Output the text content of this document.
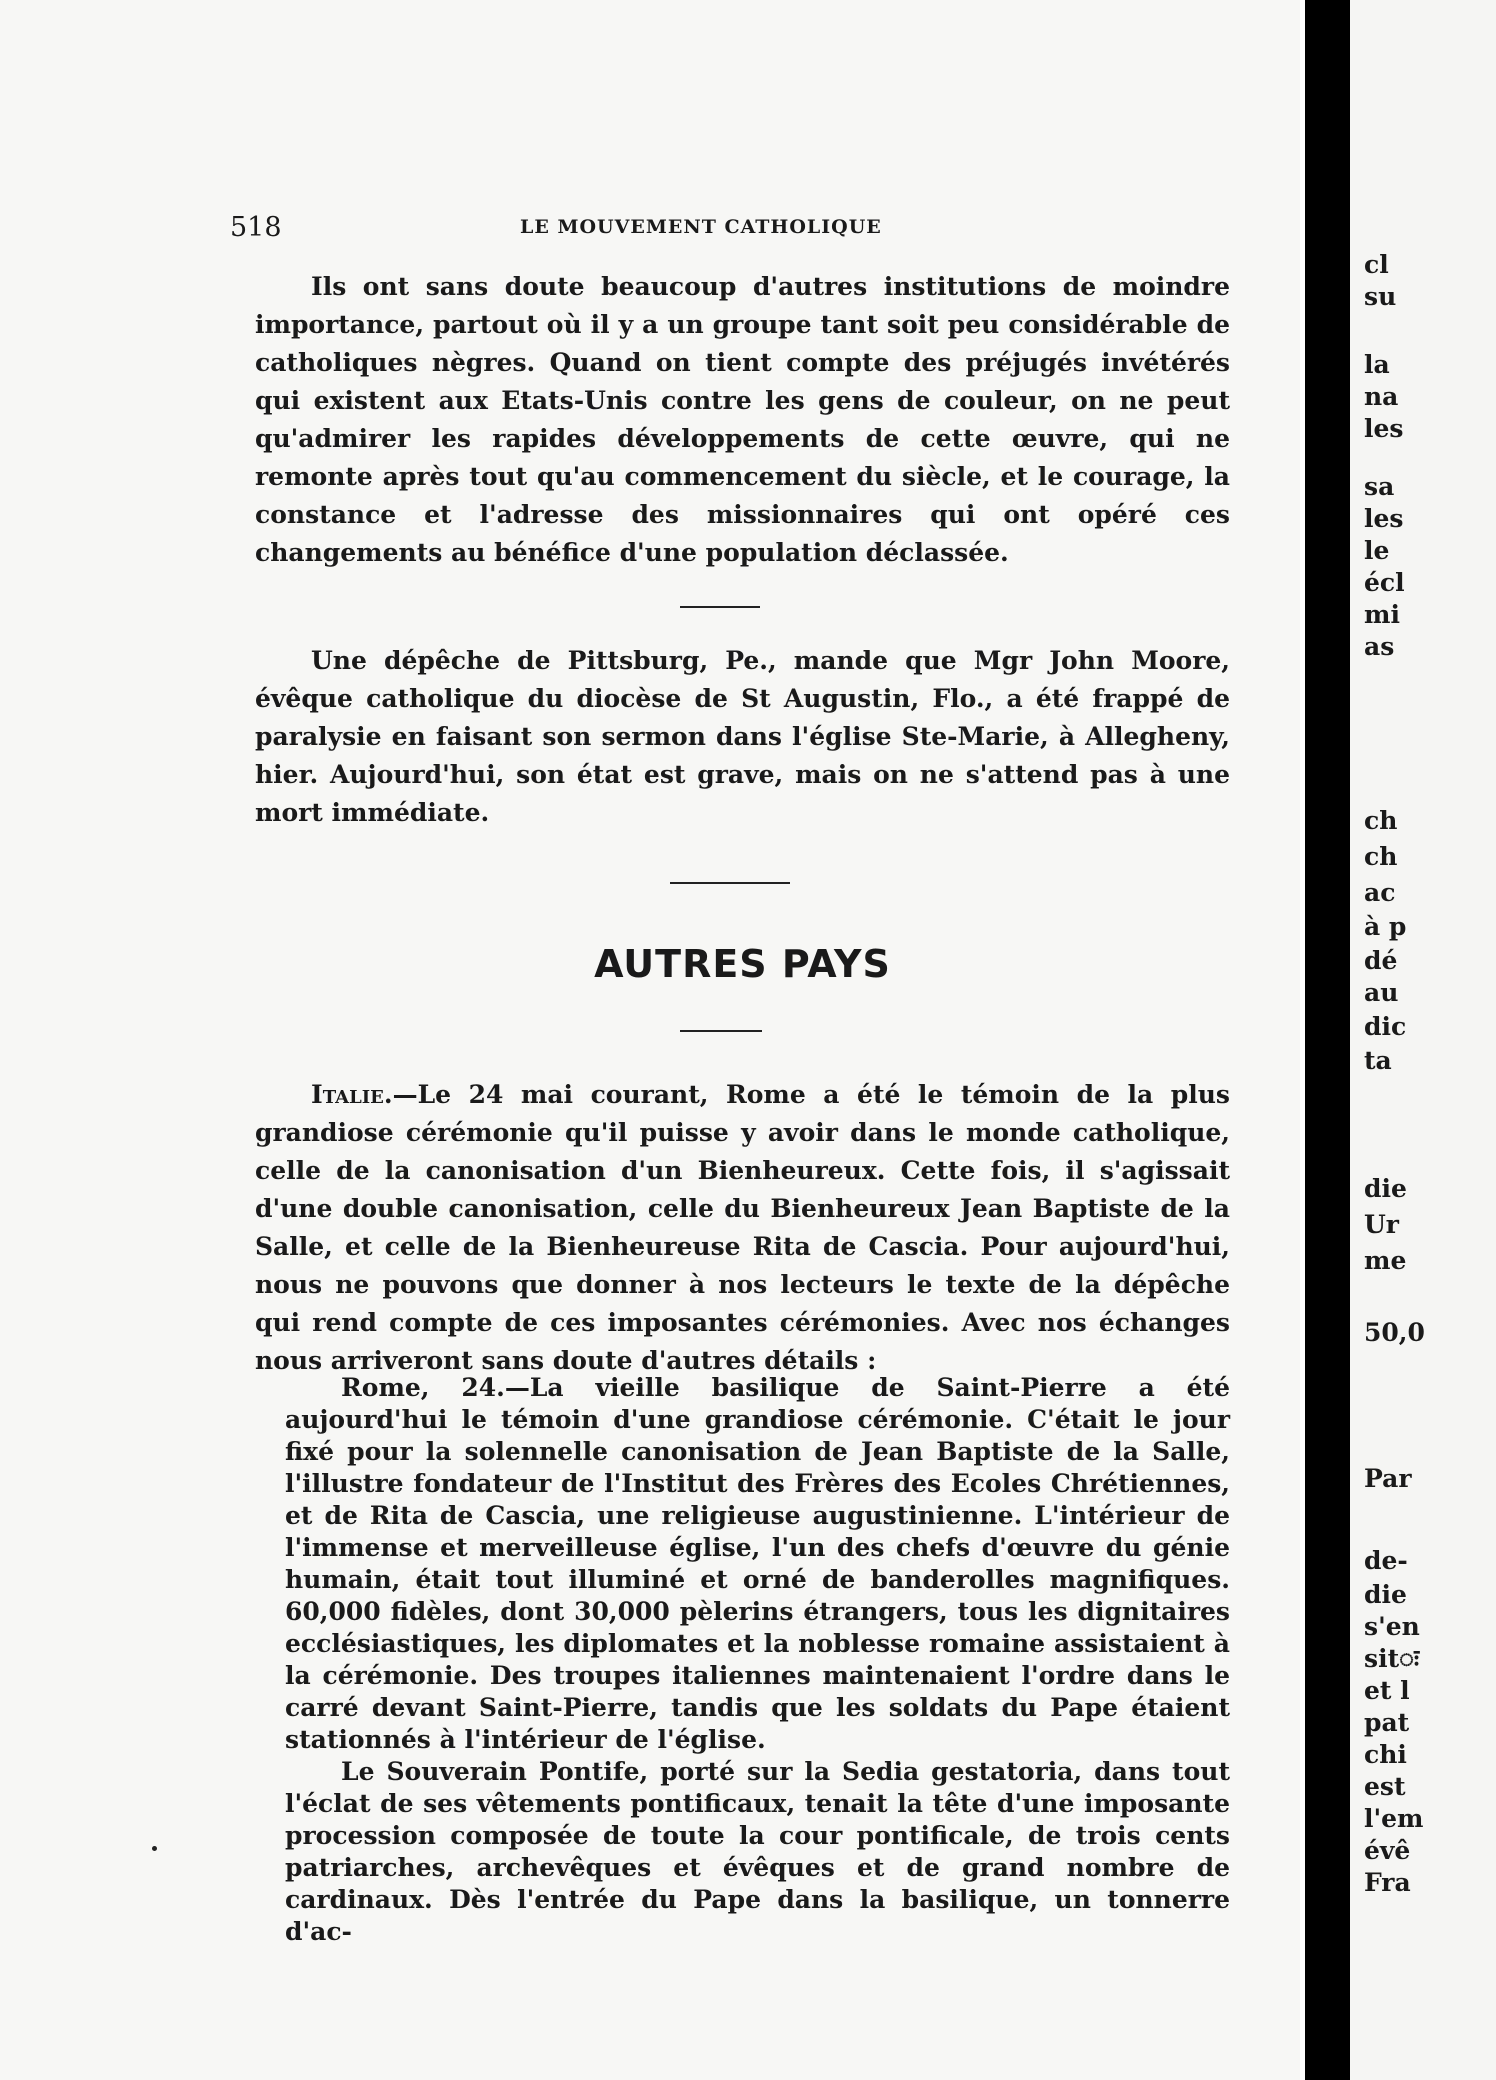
518	LE MOUVEMENT CATHOLIQUE

Ils ont sans doute beaucoup d'autres institutions de moindre importance, partout où il y a un groupe tant soit peu considérable de catholiques nègres. Quand on tient compte des préjugés invétérés qui existent aux Etats-Unis contre les gens de couleur, on ne peut qu'admirer les rapides développements de cette œuvre, qui ne remonte après tout qu'au commencement du siècle, et le courage, la constance et l'adresse des missionnaires qui ont opéré ces changements au bénéfice d'une population déclassée.

Une dépêche de Pittsburg, Pe., mande que Mgr John Moore, évêque catholique du diocèse de St Augustin, Flo., a été frappé de paralysie en faisant son sermon dans l'église Ste-Marie, à Allegheny, hier. Aujourd'hui, son état est grave, mais on ne s'attend pas à une mort immédiate.

AUTRES PAYS

Italie.—Le 24 mai courant, Rome a été le témoin de la plus grandiose cérémonie qu'il puisse y avoir dans le monde catholique, celle de la canonisation d'un Bienheureux. Cette fois, il s'agissait d'une double canonisation, celle du Bienheureux Jean Baptiste de la Salle, et celle de la Bienheureuse Rita de Cascia. Pour aujourd'hui, nous ne pouvons que donner à nos lecteurs le texte de la dépêche qui rend compte de ces imposantes cérémonies. Avec nos échanges nous arriveront sans doute d'autres détails :

Rome, 24.—La vieille basilique de Saint-Pierre a été aujourd'hui le témoin d'une grandiose cérémonie. C'était le jour fixé pour la solennelle canonisation de Jean Baptiste de la Salle, l'illustre fondateur de l'Institut des Frères des Ecoles Chrétiennes, et de Rita de Cascia, une religieuse augustinienne. L'intérieur de l'immense et merveilleuse église, l'un des chefs d'œuvre du génie humain, était tout illuminé et orné de banderolles magnifiques. 60,000 fidèles, dont 30,000 pèlerins étrangers, tous les dignitaires ecclésiastiques, les diplomates et la noblesse romaine assistaient à la cérémonie. Des troupes italiennes maintenaient l'ordre dans le carré devant Saint-Pierre, tandis que les soldats du Pape étaient stationnés à l'intérieur de l'église.

Le Souverain Pontife, porté sur la Sedia gestatoria, dans tout l'éclat de ses vêtements pontificaux, tenait la tête d'une imposante procession composée de toute la cour pontificale, de trois cents patriarches, archevêques et évêques et de grand nombre de cardinaux. Dès l'entrée du Pape dans la basilique, un tonnerre d'ac-

cl
su
la
na
les
sa
les
le
écl
mi
as
ch
ch
ac
à p
dé
au
dic
ta
die
Ur
me
50,0
Par
de-
die
s'en
sitः
et l
pat
chi
est
l'em
évê
Fra
